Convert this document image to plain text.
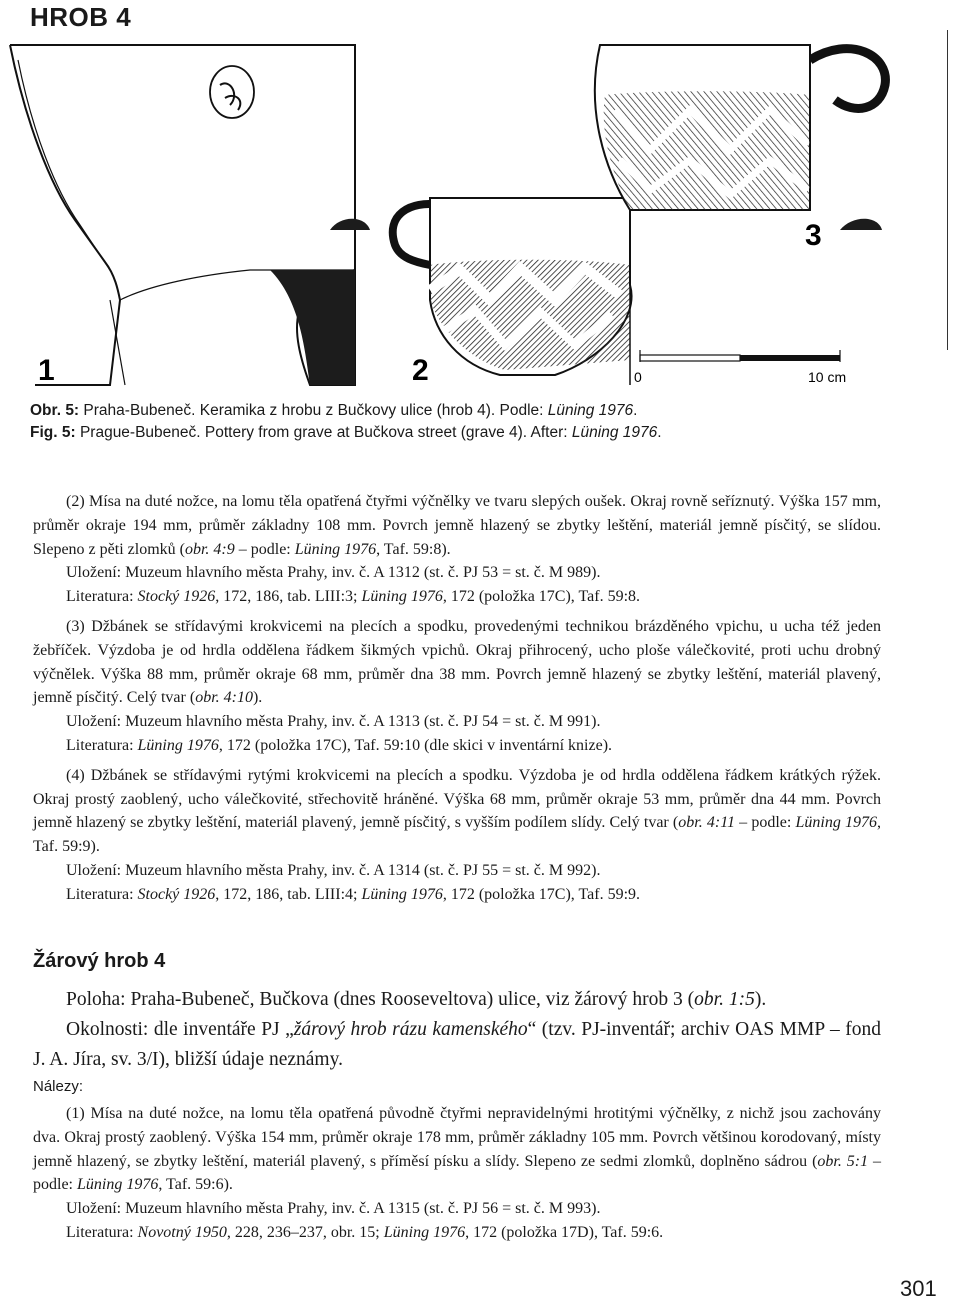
HROB 4
1	2
3
0	10 cm
Obr. 5: Praha-Bubeneč. Keramika z hrobu z Bučkovy ulice (hrob 4). Podle: Lüning 1976.
Fig. 5: Prague-Bubeneč. Pottery from grave at Bučkova street (grave 4). After: Lüning 1976.

(2) Mísa na duté nožce, na lomu těla opatřená čtyřmi výčnělky ve tvaru slepých oušek. Okraj rovně seříznutý. Výška 157 mm, průměr okraje 194 mm, průměr základny 108 mm. Povrch jemně hlazený se zbytky leštění, materiál jemně písčitý, se slídou. Slepeno z pěti zlomků (obr. 4:9 – podle: Lüning 1976, Taf. 59:8).

Uložení: Muzeum hlavního města Prahy, inv. č. A 1312 (st. č. PJ 53 = st. č. M 989).

Literatura: Stocký 1926, 172, 186, tab. LIII:3; Lüning 1976, 172 (položka 17C), Taf. 59:8.

(3) Džbánek se střídavými krokvicemi na plecích a spodku, provedenými technikou brázděného vpichu, u ucha též jeden žebříček. Výzdoba je od hrdla oddělena řádkem šikmých vpichů. Okraj přihrocený, ucho ploše válečkovité, proti uchu drobný výčnělek. Výška 88 mm, průměr okraje 68 mm, průměr dna 38 mm. Povrch jemně hlazený se zbytky leštění, materiál plavený, jemně písčitý. Celý tvar (obr. 4:10).

Uložení: Muzeum hlavního města Prahy, inv. č. A 1313 (st. č. PJ 54 = st. č. M 991).

Literatura: Lüning 1976, 172 (položka 17C), Taf. 59:10 (dle skici v inventární knize).

(4) Džbánek se střídavými rytými krokvicemi na plecích a spodku. Výzdoba je od hrdla oddělena řádkem krátkých rýžek. Okraj prostý zaoblený, ucho válečkovité, střechovitě hráněné. Výška 68 mm, průměr okraje 53 mm, průměr dna 44 mm. Povrch jemně hlazený se zbytky leštění, materiál plavený, jemně písčitý, s vyšším podílem slídy. Celý tvar (obr. 4:11 – podle: Lüning 1976, Taf. 59:9).

Uložení: Muzeum hlavního města Prahy, inv. č. A 1314 (st. č. PJ 55 = st. č. M 992).

Literatura: Stocký 1926, 172, 186, tab. LIII:4; Lüning 1976, 172 (položka 17C), Taf. 59:9.

Žárový hrob 4

Poloha: Praha-Bubeneč, Bučkova (dnes Rooseveltova) ulice, viz žárový hrob 3 (obr. 1:5).

Okolnosti: dle inventáře PJ „žárový hrob rázu kamenského“ (tzv. PJ-inventář; archiv OAS MMP – fond J. A. Jíra, sv. 3/I), bližší údaje neznámy.

Nálezy:

(1) Mísa na duté nožce, na lomu těla opatřená původně čtyřmi nepravidelnými hrotitými výčnělky, z nichž jsou zachovány dva. Okraj prostý zaoblený. Výška 154 mm, průměr okraje 178 mm, průměr základny 105 mm. Povrch většinou korodovaný, místy jemně hlazený, se zbytky leštění, materiál plavený, s příměsí písku a slídy. Slepeno ze sedmi zlomků, doplněno sádrou (obr. 5:1 – podle: Lüning 1976, Taf. 59:6).

Uložení: Muzeum hlavního města Prahy, inv. č. A 1315 (st. č. PJ 56 = st. č. M 993).

Literatura: Novotný 1950, 228, 236–237, obr. 15; Lüning 1976, 172 (položka 17D), Taf. 59:6.

301
